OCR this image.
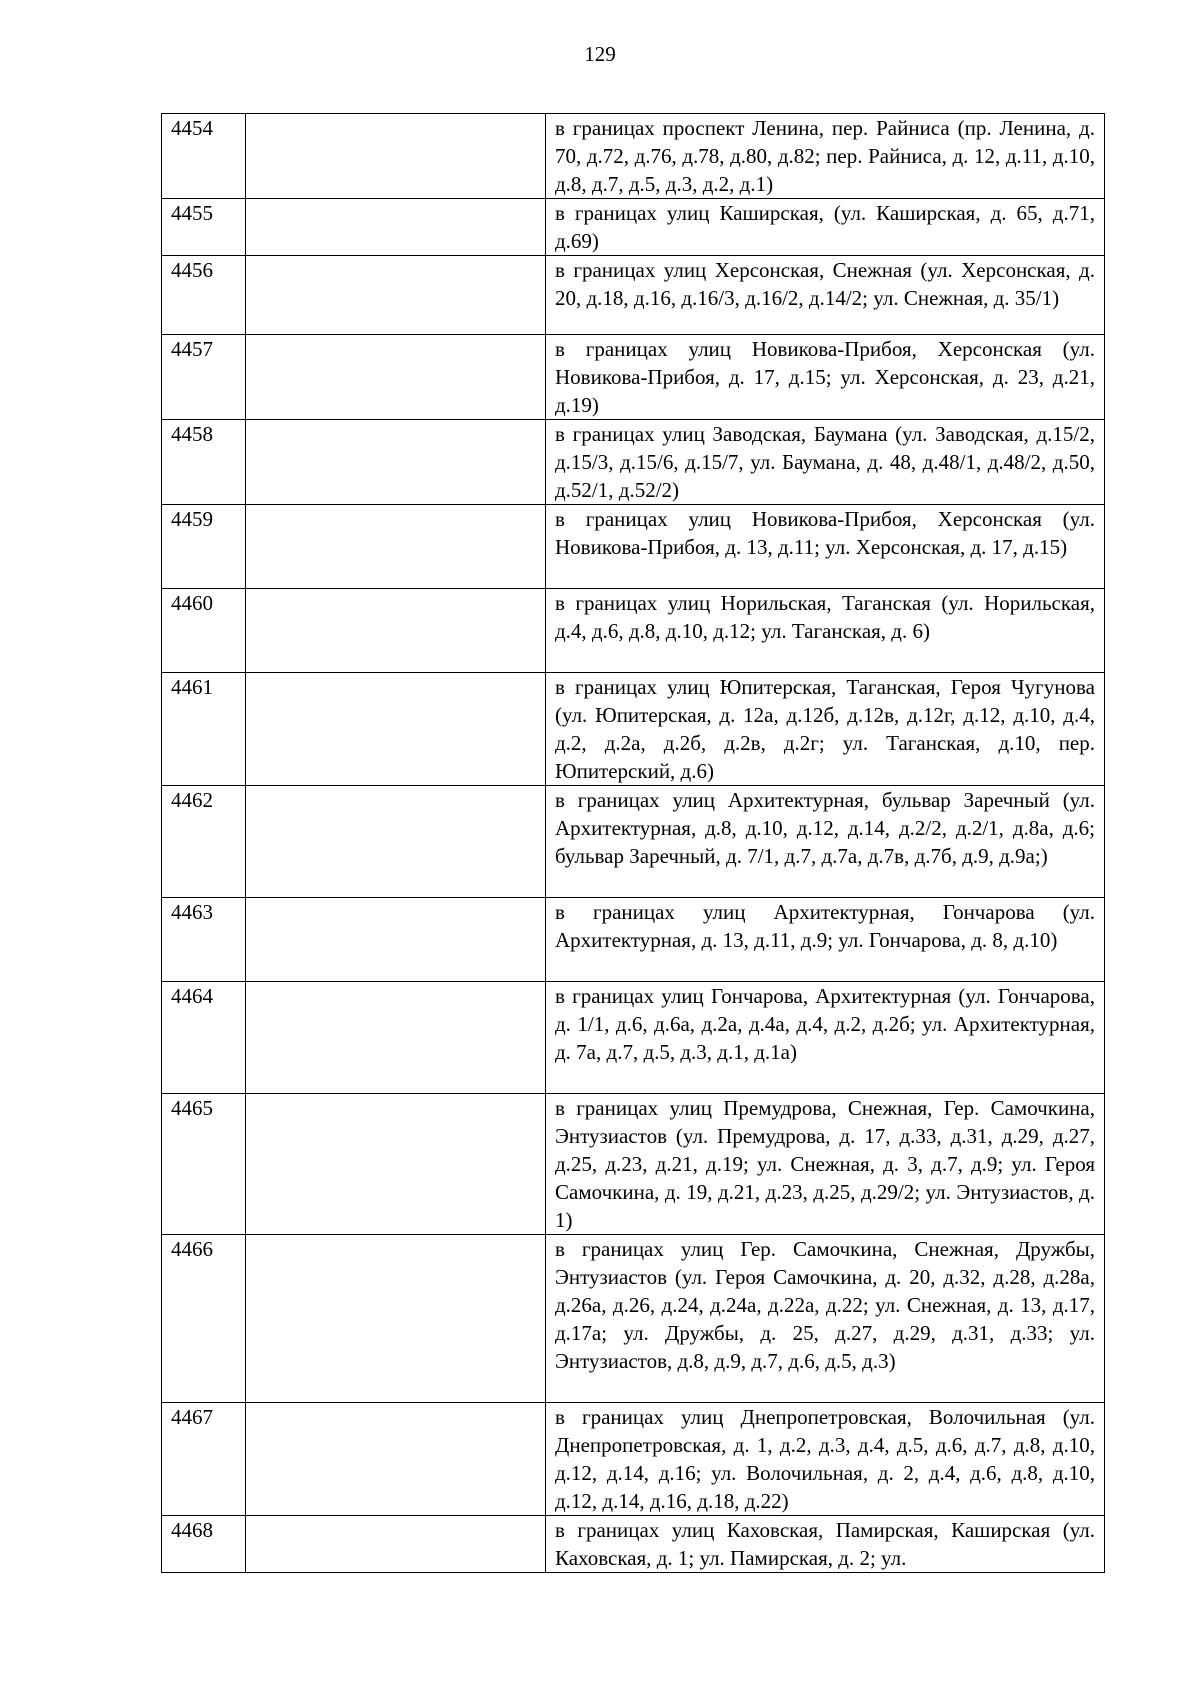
129
4454		в границах проспект Ленина, пер. Райниса (пр. Ленина, д. 70, д.72, д.76, д.78, д.80, д.82; пер. Райниса, д. 12, д.11, д.10, д.8, д.7, д.5, д.3, д.2, д.1)
4455		в границах улиц Каширская, (ул. Каширская, д. 65, д.71, д.69)
4456		в границах улиц Херсонская, Снежная (ул. Херсонская, д. 20, д.18, д.16, д.16/3, д.16/2, д.14/2; ул. Снежная, д. 35/1)
4457		в границах улиц Новикова-Прибоя, Херсонская (ул. Новикова-Прибоя, д. 17, д.15; ул. Херсонская, д. 23, д.21, д.19)
4458		в границах улиц Заводская, Баумана (ул. Заводская, д.15/2, д.15/3, д.15/6, д.15/7, ул. Баумана, д. 48, д.48/1, д.48/2, д.50, д.52/1, д.52/2)
4459		в границах улиц Новикова-Прибоя, Херсонская (ул. Новикова-Прибоя, д. 13, д.11; ул. Херсонская, д. 17, д.15)
4460		в границах улиц Норильская, Таганская (ул. Норильская, д.4, д.6, д.8, д.10, д.12; ул. Таганская, д. 6)
4461		в границах улиц Юпитерская, Таганская, Героя Чугунова (ул. Юпитерская, д. 12а, д.12б, д.12в, д.12г, д.12, д.10, д.4, д.2, д.2а, д.2б, д.2в, д.2г; ул. Таганская, д.10, пер. Юпитерский, д.6)
4462		в границах улиц Архитектурная, бульвар Заречный (ул. Архитектурная, д.8, д.10, д.12, д.14, д.2/2, д.2/1, д.8а, д.6; бульвар Заречный, д. 7/1, д.7, д.7а, д.7в, д.7б, д.9, д.9а;)
4463		в границах улиц Архитектурная, Гончарова (ул. Архитектурная, д. 13, д.11, д.9; ул. Гончарова, д. 8, д.10)
4464		в границах улиц Гончарова, Архитектурная (ул. Гончарова, д. 1/1, д.6, д.6а, д.2а, д.4а, д.4, д.2, д.2б; ул. Архитектурная, д. 7а, д.7, д.5, д.3, д.1, д.1а)
4465		в границах улиц Премудрова, Снежная, Гер. Самочкина, Энтузиастов (ул. Премудрова, д. 17, д.33, д.31, д.29, д.27, д.25, д.23, д.21, д.19; ул. Снежная, д. 3, д.7, д.9; ул. Героя Самочкина, д. 19, д.21, д.23, д.25, д.29/2; ул. Энтузиастов, д. 1)
4466		в границах улиц Гер. Самочкина, Снежная, Дружбы, Энтузиастов (ул. Героя Самочкина, д. 20, д.32, д.28, д.28а, д.26а, д.26, д.24, д.24а, д.22а, д.22; ул. Снежная, д. 13, д.17, д.17а; ул. Дружбы, д. 25, д.27, д.29, д.31, д.33; ул. Энтузиастов, д.8, д.9, д.7, д.6, д.5, д.3)
4467		в границах улиц Днепропетровская, Волочильная (ул. Днепропетровская, д. 1, д.2, д.3, д.4, д.5, д.6, д.7, д.8, д.10, д.12, д.14, д.16; ул. Волочильная, д. 2, д.4, д.6, д.8, д.10, д.12, д.14, д.16, д.18, д.22)
4468		в границах улиц Каховская, Памирская, Каширская (ул. Каховская, д. 1; ул. Памирская, д. 2; ул.
